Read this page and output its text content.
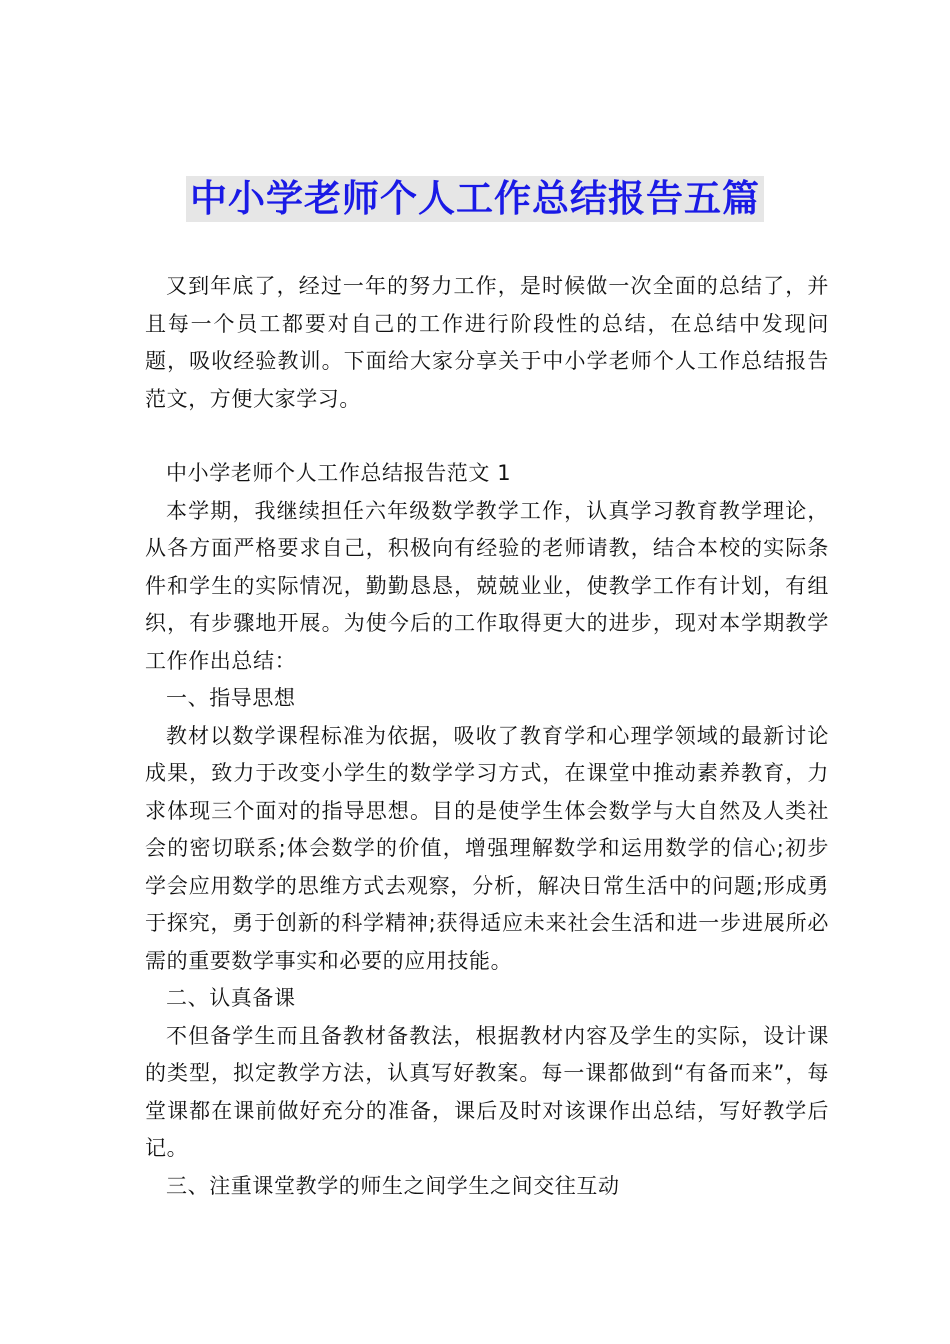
中小学老师个人工作总结报告五篇

又到年底了，经过一年的努力工作，是时候做一次全面的总结了，并且每一个员工都要对自己的工作进行阶段性的总结，在总结中发现问题，吸收经验教训。下面给大家分享关于中小学老师个人工作总结报告范文，方便大家学习。

中小学老师个人工作总结报告范文 1

本学期，我继续担任六年级数学教学工作，认真学习教育教学理论，从各方面严格要求自己，积极向有经验的老师请教，结合本校的实际条件和学生的实际情况，勤勤恳恳，兢兢业业，使教学工作有计划，有组织，有步骤地开展。为使今后的工作取得更大的进步，现对本学期教学工作作出总结：

一、指导思想

教材以数学课程标准为依据，吸收了教育学和心理学领域的最新讨论成果，致力于改变小学生的数学学习方式，在课堂中推动素养教育，力求体现三个面对的指导思想。目的是使学生体会数学与大自然及人类社会的密切联系;体会数学的价值，增强理解数学和运用数学的信心;初步学会应用数学的思维方式去观察，分析，解决日常生活中的问题;形成勇于探究，勇于创新的科学精神;获得适应未来社会生活和进一步进展所必需的重要数学事实和必要的应用技能。

二、认真备课

不但备学生而且备教材备教法，根据教材内容及学生的实际，设计课的类型，拟定教学方法，认真写好教案。每一课都做到“有备而来”，每堂课都在课前做好充分的准备，课后及时对该课作出总结，写好教学后记。

三、注重课堂教学的师生之间学生之间交往互动
